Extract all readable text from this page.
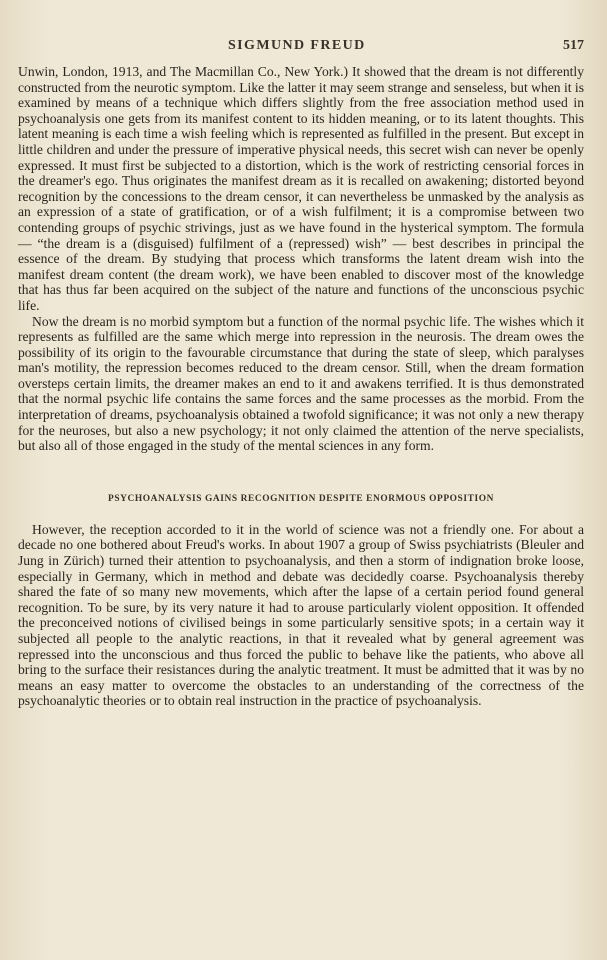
SIGMUND FREUD	517

Unwin, London, 1913, and The Macmillan Co., New York.) It showed that the dream is not differently constructed from the neurotic symptom. Like the latter it may seem strange and senseless, but when it is examined by means of a technique which differs slightly from the free association method used in psychoanalysis one gets from its manifest content to its hidden meaning, or to its latent thoughts. This latent meaning is each time a wish feeling which is represented as fulfilled in the present. But except in little children and under the pressure of imperative physical needs, this secret wish can never be openly expressed. It must first be subjected to a distortion, which is the work of restricting censorial forces in the dreamer's ego. Thus originates the manifest dream as it is recalled on awakening; distorted beyond recognition by the concessions to the dream censor, it can nevertheless be unmasked by the analysis as an expression of a state of gratification, or of a wish fulfilment; it is a compromise between two contending groups of psychic strivings, just as we have found in the hysterical symptom. The formula — “the dream is a (disguised) fulfilment of a (repressed) wish” — best describes in principal the essence of the dream. By studying that process which transforms the latent dream wish into the manifest dream content (the dream work), we have been enabled to discover most of the knowledge that has thus far been acquired on the subject of the nature and functions of the unconscious psychic life.

Now the dream is no morbid symptom but a function of the normal psychic life. The wishes which it represents as fulfilled are the same which merge into repression in the neurosis. The dream owes the possibility of its origin to the favourable circumstance that during the state of sleep, which paralyses man's motility, the repression becomes reduced to the dream censor. Still, when the dream formation oversteps certain limits, the dreamer makes an end to it and awakens terrified. It is thus demonstrated that the normal psychic life contains the same forces and the same processes as the morbid. From the interpretation of dreams, psychoanalysis obtained a twofold significance; it was not only a new therapy for the neuroses, but also a new psychology; it not only claimed the attention of the nerve specialists, but also all of those engaged in the study of the mental sciences in any form.

PSYCHOANALYSIS GAINS RECOGNITION DESPITE ENORMOUS OPPOSITION

However, the reception accorded to it in the world of science was not a friendly one. For about a decade no one bothered about Freud's works. In about 1907 a group of Swiss psychiatrists (Bleuler and Jung in Zürich) turned their attention to psychoanalysis, and then a storm of indignation broke loose, especially in Germany, which in method and debate was decidedly coarse. Psychoanalysis thereby shared the fate of so many new movements, which after the lapse of a certain period found general recognition. To be sure, by its very nature it had to arouse particularly violent opposition. It offended the preconceived notions of civilised beings in some particularly sensitive spots; in a certain way it subjected all people to the analytic reactions, in that it revealed what by general agreement was repressed into the unconscious and thus forced the public to behave like the patients, who above all bring to the surface their resistances during the analytic treatment. It must be admitted that it was by no means an easy matter to overcome the obstacles to an understanding of the correctness of the psychoanalytic theories or to obtain real instruction in the practice of psychoanalysis.
